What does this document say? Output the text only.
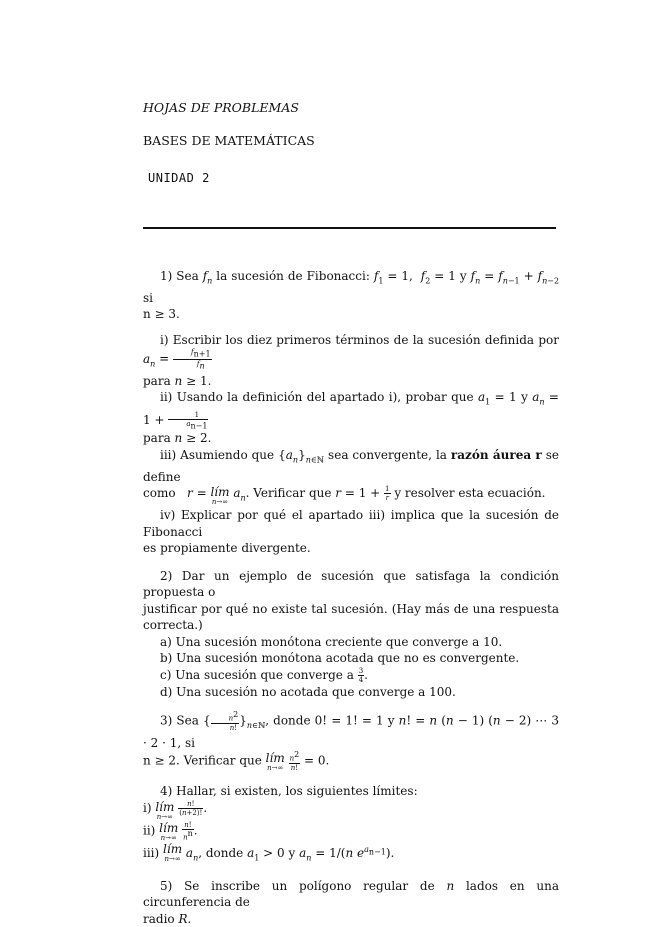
HOJAS DE PROBLEMAS
BASES DE MATEMÁTICAS
UNIDAD 2

1) Sea $f_n$ la sucesión de Fibonacci: $f_1 = 1$,  $f_2 = 1$ y $f_n = f_{n-1} + f_{n-2}$ si

n ≥ 3.

i) Escribir los diez primeros términos de la sucesión definida por $a_n = \frac{f_{n+1}}{f_n}$

para n ≥ 1.

ii) Usando la definición del apartado i), probar que $a_1 = 1$ y $a_n = 1 + \frac{1}{a_{n-1}}$

para n ≥ 2.

iii) Asumiendo que $\{a_n\}_{n\in ℕ}$ sea convergente, la razón áurea r se define

como   r = lím
n→∞
$a_n$. Verificar que $r = 1 + \frac{1}{r}$ y resolver esta ecuación.

iv) Explicar por qué el apartado iii) implica que la sucesión de Fibonacci

es propiamente divergente.

2) Dar un ejemplo de sucesión que satisfaga la condición propuesta o

justificar por qué no existe tal sucesión. (Hay más de una respuesta correcta.)

a) Una sucesión monótona creciente que converge a 10.

b) Una sucesión monótona acotada que no es convergente.

c) Una sucesión que converge a $\frac{3}{4}$ .

d) Una sucesión no acotada que converge a 100.

3) Sea { $\frac{n^2}{n!} \}_{n\in ℕ}$, donde 0! = 1! = 1 y n! = n (n − 1) (n − 2) ⋯ 3 · 2 · 1, si

n ≥ 2. Verificar que lím
n→∞
$\frac{n^2}{n!} = 0$.

4) Hallar, si existen, los siguientes límites:

i) lím
n→∞
$\frac{n!}{(n+2)!}$ .

ii) lím
n→∞
$\frac{n!}{n^n}$ .

iii) lím
n→∞ $a_n$, donde $a_1 > 0$ y $a_n = 1/(n$ $e^{a_{n-1}}$).

5) Se inscribe un polígono regular de n lados en una circunferencia de

radio R.
